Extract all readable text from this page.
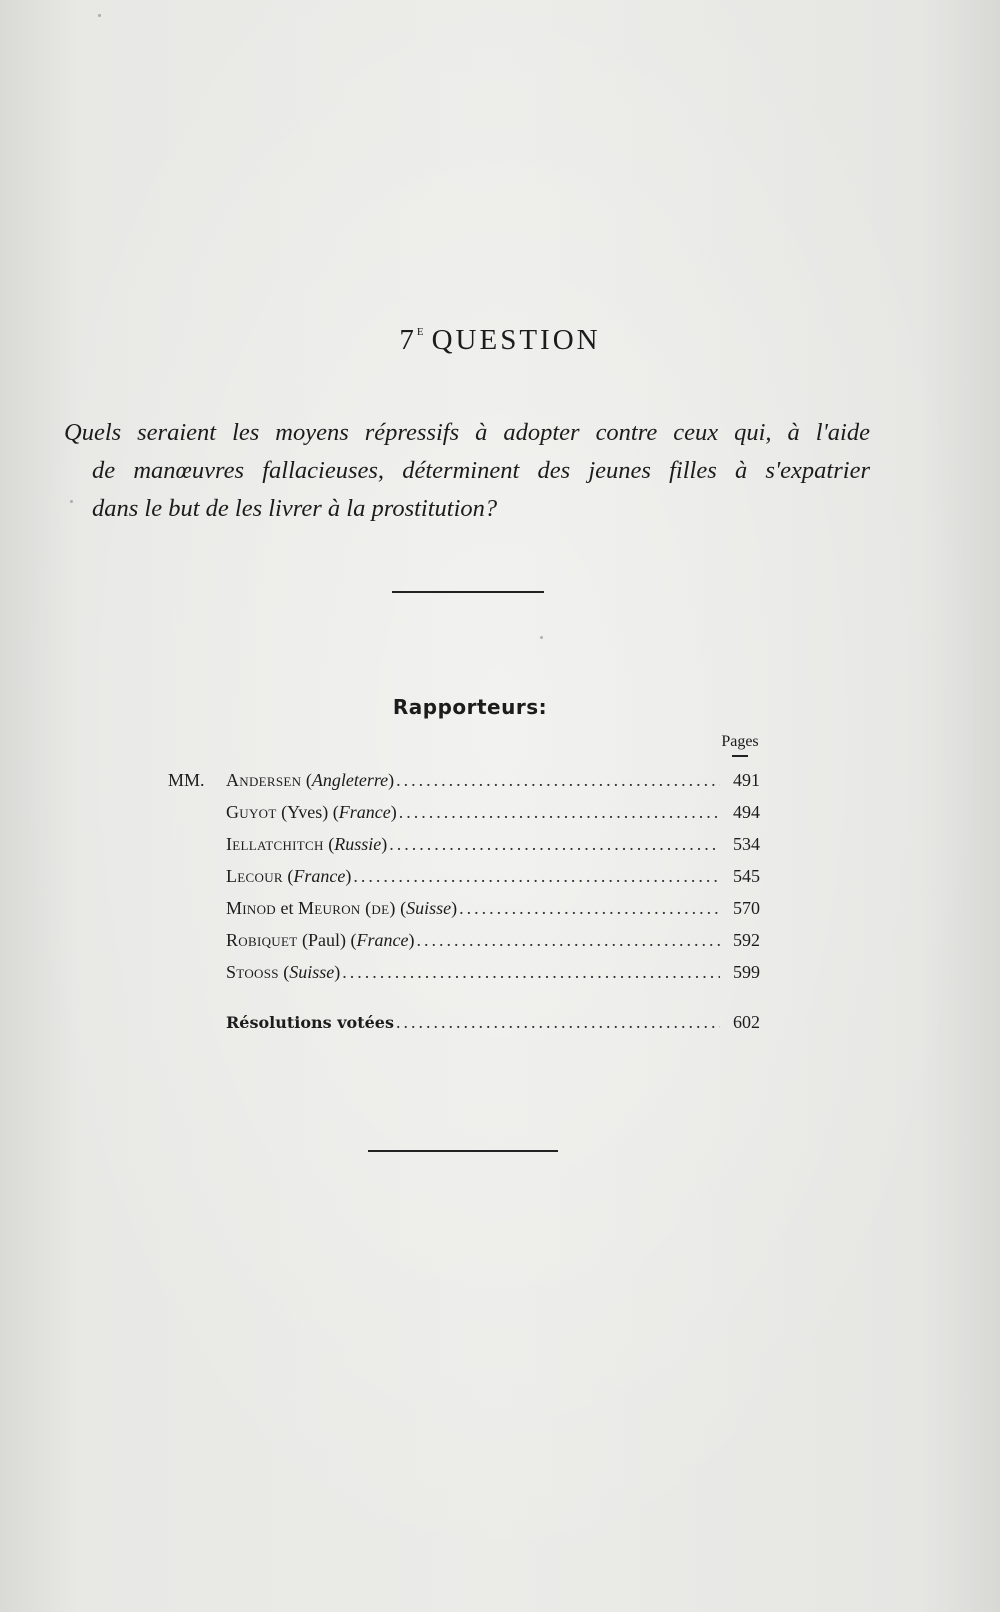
$7^E$ QUESTION
Quels seraient les moyens répressifs à adopter contre ceux qui, à l'aide
de manœuvres fallacieuses, déterminent des jeunes filles à s'expatrier
dans le but de les livrer à la prostitution?
Rapporteurs:
Pages
MM. Andersen (Angleterre) .....	491
Guyot (Yves) (France) .....	494
Iellatchitch (Russie) .....	534
Lecour (France) .....	545
Minod et Meuron (de) (Suisse) .....	570
Robiquet (Paul) (France) .....	592
Stooss (Suisse) .....	599
Résolutions votées .....	602
